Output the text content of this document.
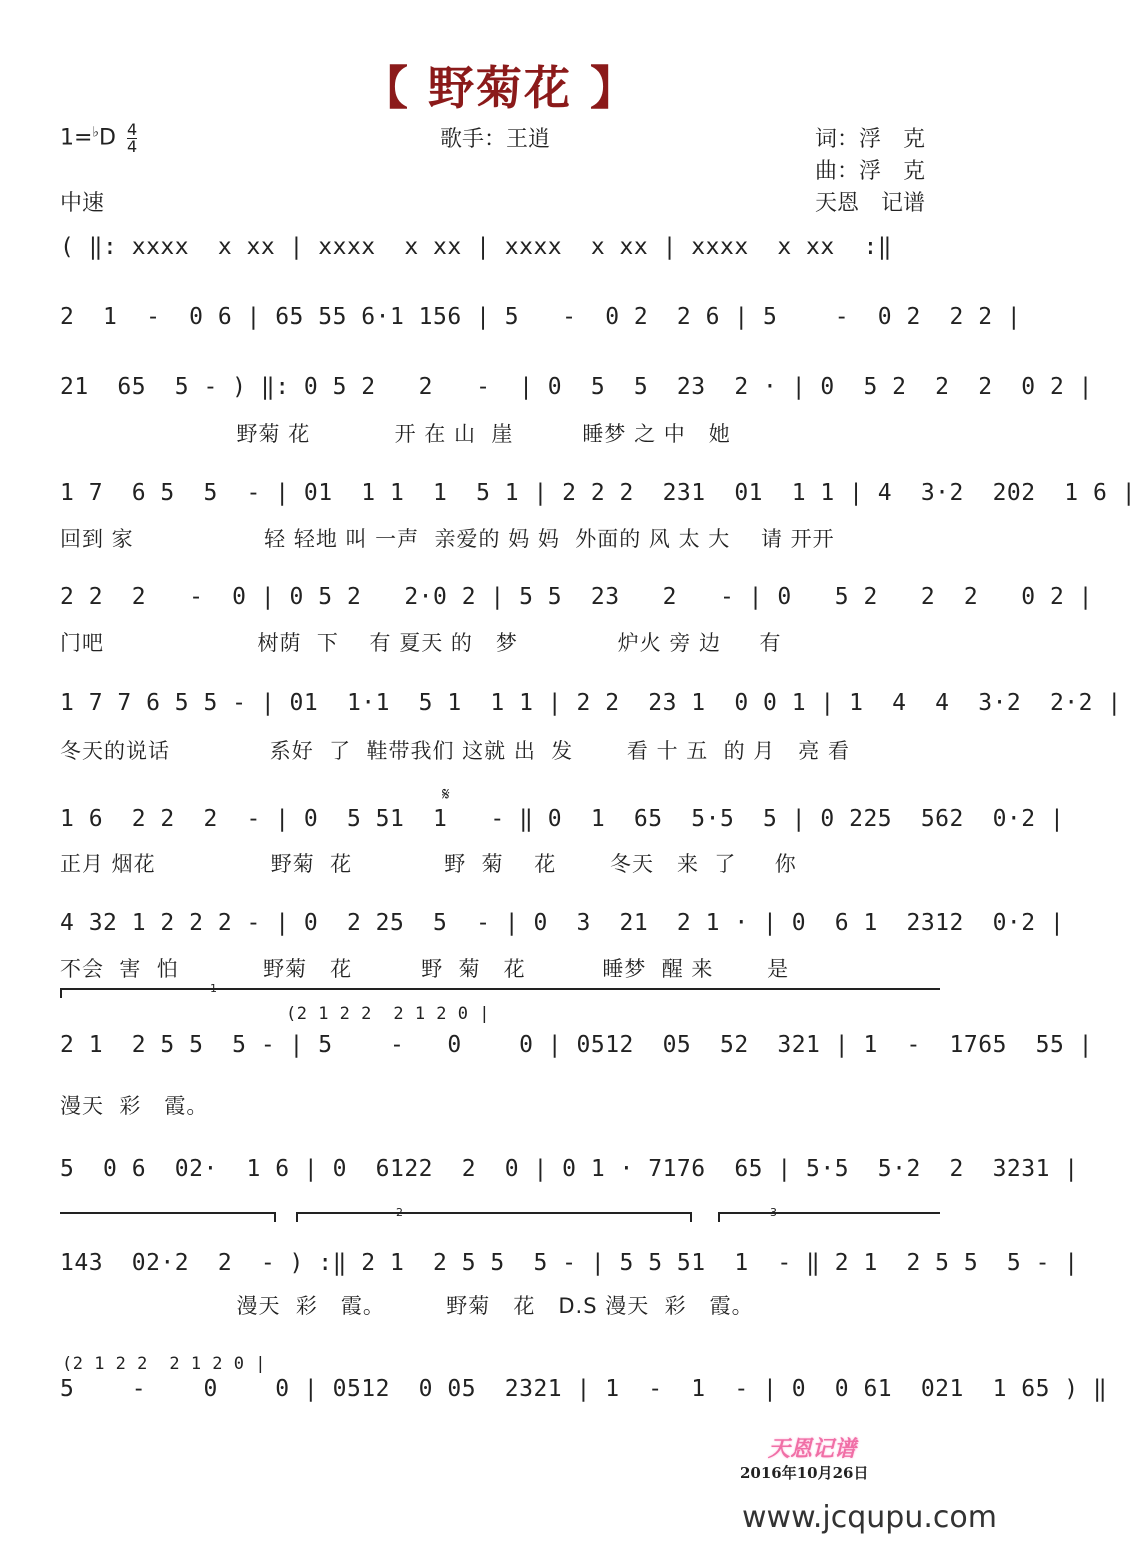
【 野菊花 】
$1=^♭D \frac{4}{4}$	歌手：王逍	词：浮　克
曲：浮　克
天恩　记谱
中速
( ‖: xxxx  x xx | xxxx  x xx | xxxx  x xx | xxxx  x xx  :‖
2  1  -  0 6 | 65 55 6·1 156 | 5   -  0 2  2 6 | 5    -  0 2  2 2 |
21  65  5 - ) ‖: 0 5 2   2   -  | 0  5  5  23  2 · | 0  5 2  2  2  0 2 |
野菊 花           开 在 山  崖         睡梦 之 中   她
1 7  6 5  5  - | 01  1 1  1  5 1 | 2 2 2  231  01  1 1 | 4  3·2  202  1 6 |
回到 家                 轻 轻地 叫 一声  亲爱的 妈 妈  外面的 风 太 大    请 开开
2 2  2   -  0 | 0 5 2   2·0 2 | 5 5  23   2   - | 0   5 2   2  2   0 2 |
门吧                    树荫  下    有 夏天 的   梦             炉火 旁 边     有
1 7 7 6 5 5 - | 01  1·1  5 1  1 1 | 2 2  23 1  0 0 1 | 1  4  4  3·2  2·2 |
冬天的说话             系好  了  鞋带我们 这就 出  发       看 十 五  的 月   亮 看
𝄋
1 6  2 2  2  - | 0  5 51  1   - ‖ 0  1  65  5·5  5 | 0 225  562  0·2 |
正月 烟花               野菊  花            野  菊    花       冬天   来  了     你
4 32 1 2 2 2 - | 0  2 25  5  - | 0  3  21  2 1 · | 0  6 1  2312  0·2 |
不会  害  怕           野菊   花         野  菊   花          睡梦  醒 来       是
1
(2 1 2 2  2 1 2 0 |
2 1  2 5 5  5 - | 5    -   0    0 | 0512  05  52  321 | 1  -  1765  55 |
漫天  彩   霞。
5  0 6  02·  1 6 | 0  6122  2  0 | 0 1 · 7176  65 | 5·5  5·2  2  3231 |
2	3
143  02·2  2  - ) :‖ 2 1  2 5 5  5 - | 5 5 51  1  - ‖ 2 1  2 5 5  5 - |
漫天  彩   霞。        野菊   花   D.S 漫天  彩   霞。
(2 1 2 2  2 1 2 0 |
5    -    0    0 | 0512  0 05  2321 | 1  -  1  - | 0  0 61  021  1 65 ) ‖
天恩记谱
2016年10月26日
www.jcqupu.com
